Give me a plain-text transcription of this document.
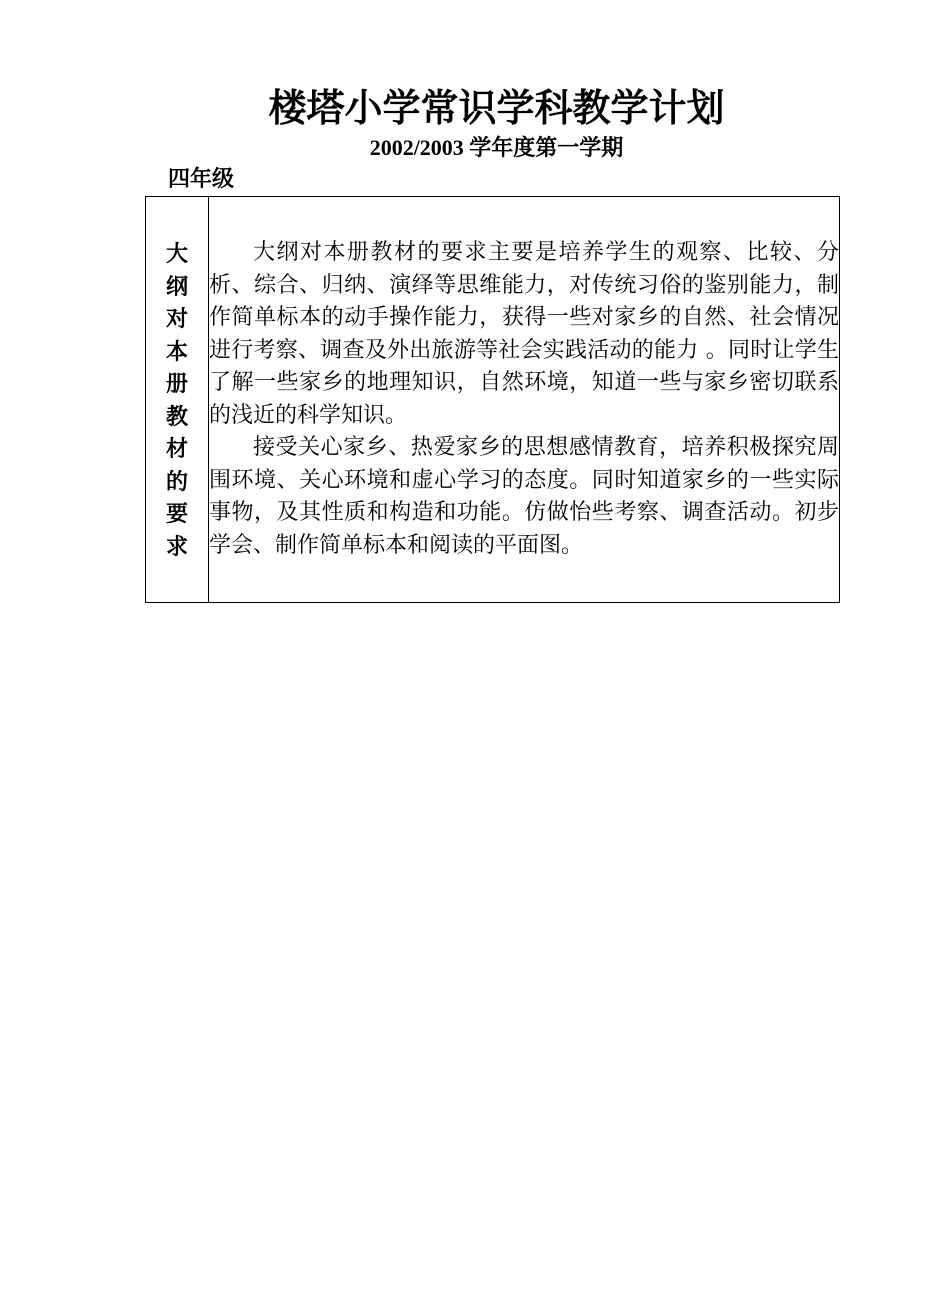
楼塔小学常识学科教学计划
2002/2003 学年度第一学期
四年级
大纲对本册教材的要求

大纲对本册教材的要求主要是培养学生的观察、比较、分析、综合、归纳、演绎等思维能力，对传统习俗的鉴别能力，制作简单标本的动手操作能力，获得一些对家乡的自然、社会情况进行考察、调查及外出旅游等社会实践活动的能力 。同时让学生了解一些家乡的地理知识，自然环境，知道一些与家乡密切联系的浅近的科学知识。

接受关心家乡、热爱家乡的思想感情教育，培养积极探究周围环境、关心环境和虚心学习的态度。同时知道家乡的一些实际事物，及其性质和构造和功能。仿做怡些考察、调查活动。初步学会、制作简单标本和阅读的平面图。
